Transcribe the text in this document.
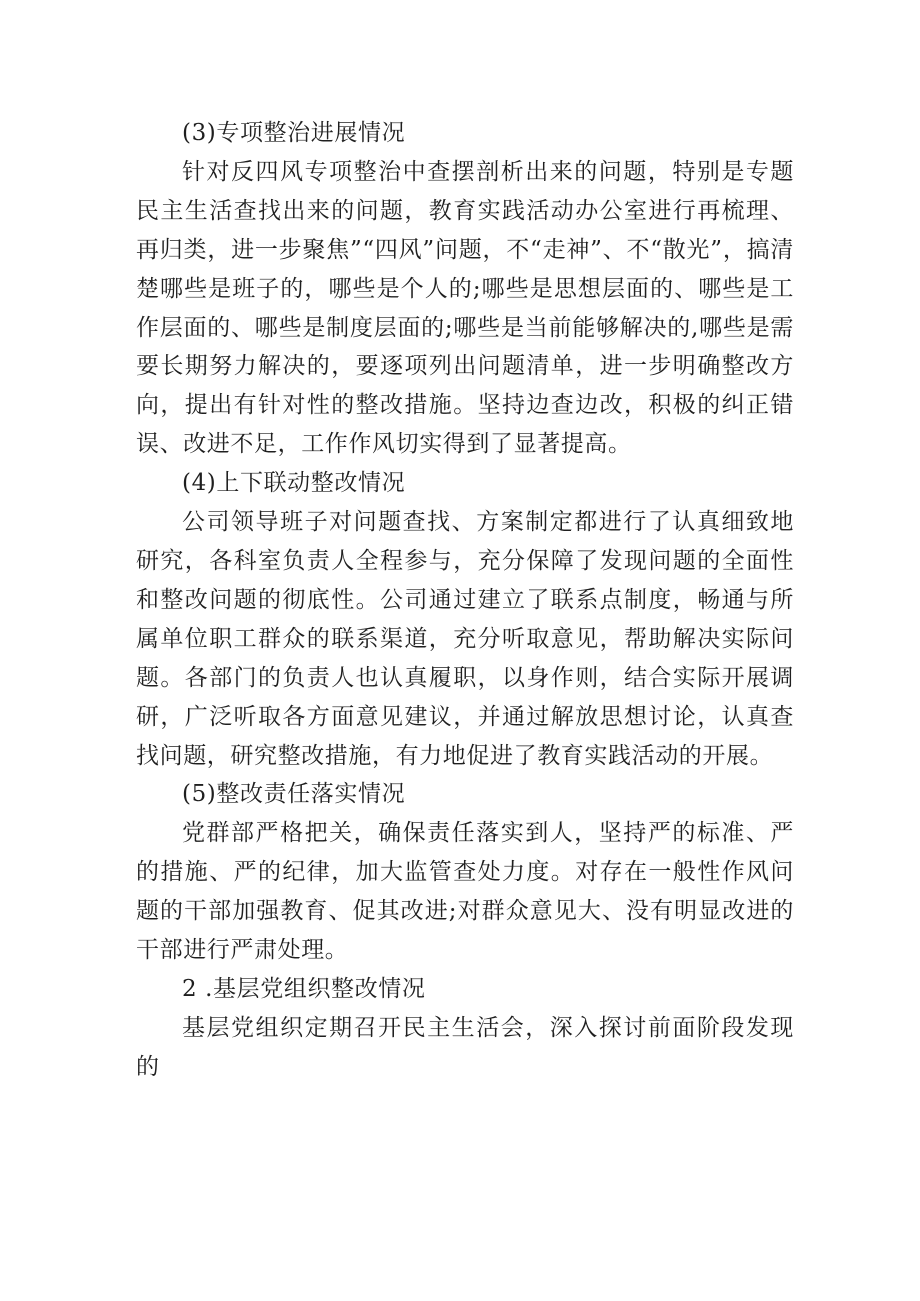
(3)专项整治进展情况

针对反四风专项整治中查摆剖析出来的问题，特别是专题民主生活查找出来的问题，教育实践活动办公室进行再梳理、再归类，进一步聚焦”“四风”问题，不“走神”、不“散光”，搞清楚哪些是班子的，哪些是个人的;哪些是思想层面的、哪些是工作层面的、哪些是制度层面的;哪些是当前能够解决的,哪些是需要长期努力解决的，要逐项列出问题清单，进一步明确整改方向，提出有针对性的整改措施。坚持边查边改，积极的纠正错误、改进不足，工作作风切实得到了显著提高。

(4)上下联动整改情况

公司领导班子对问题查找、方案制定都进行了认真细致地研究，各科室负责人全程参与，充分保障了发现问题的全面性和整改问题的彻底性。公司通过建立了联系点制度，畅通与所属单位职工群众的联系渠道，充分听取意见，帮助解决实际问题。各部门的负责人也认真履职，以身作则，结合实际开展调研，广泛听取各方面意见建议，并通过解放思想讨论，认真查找问题，研究整改措施，有力地促进了教育实践活动的开展。

(5)整改责任落实情况

党群部严格把关，确保责任落实到人，坚持严的标准、严的措施、严的纪律，加大监管查处力度。对存在一般性作风问题的干部加强教育、促其改进;对群众意见大、没有明显改进的干部进行严肃处理。

2 .基层党组织整改情况

基层党组织定期召开民主生活会，深入探讨前面阶段发现的
